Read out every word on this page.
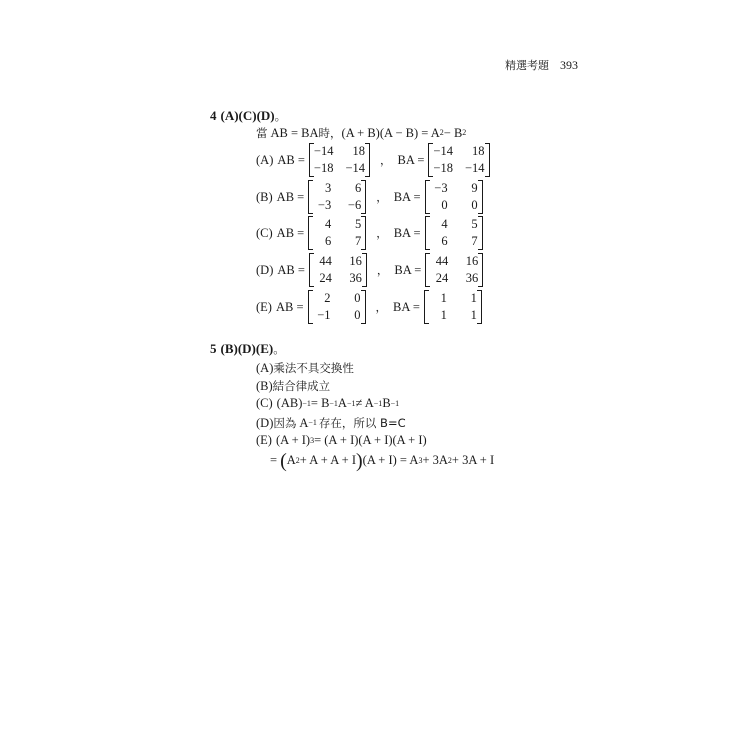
精選考題 393
4 (A)(C)(D)。
當 AB = BA 時， (A + B)(A − B) = A 2 − B 2
(A) AB =
−14	18
−18 −14
， BA =
−14	18
−18 −14
(B) AB =
3	6
−3	−6
， BA =
−3	9
0	0
(C) AB =
4	5
6	7
， BA =
4	5
6	7
(D) AB =
44	16
24	36
， BA =
44	16
24	36
(E) AB =
2	0
−1	0
， BA =
1	1
1	1
5 (B)(D)(E)。
(A) 乘法不具交換性
(B) 結合律成立
(C) (AB) −1 = B −1 A −1 ≠ A −1 B −1
(D) 因為 A −1 存在，所以 B=C
(E) (A + I) 3 = (A + I)(A + I)(A + I)
= ( A 2 + A + A + I ) (A + I) = A 3 + 3A 2 + 3A + I
